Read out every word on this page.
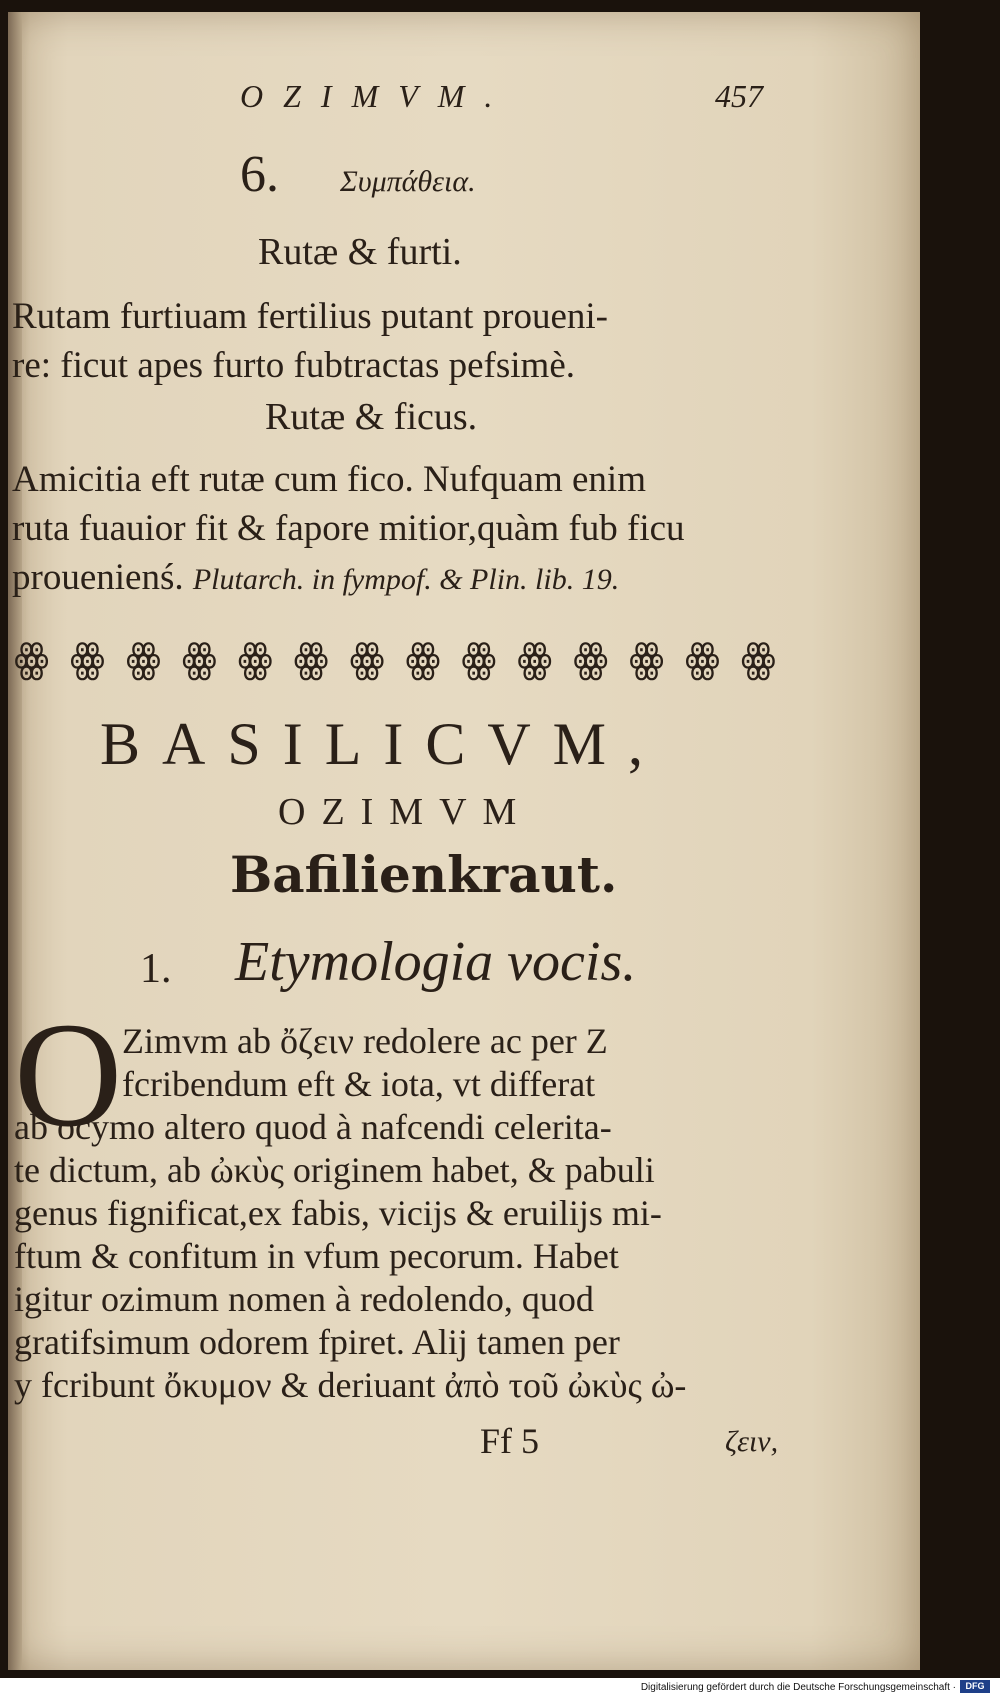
OZIMVM.	457
6. Συμπάθεια.
Rutæ & furti.
Rutam furtiuam fertilius putant proueni-
re: ficut apes furto fubtractas pefsimè.
Rutæ & ficus.
Amicitia eft rutæ cum fico. Nufquam enim
ruta fuauior fit & fapore mitior,quàm fub ficu
prouenienś. Plutarch. in fympof. & Plin. lib. 19.
ꙮ ꙮ ꙮ ꙮ ꙮ ꙮ ꙮ ꙮ ꙮ ꙮ ꙮ ꙮ ꙮ ꙮ
BASILICVM,
OZIMVM
Bafilienkraut.
1. Etymologia vocis.
O Zimvm ab ὄζειν redolere ac per Z
fcribendum eft & iota, vt differat
ab ocymo altero quod à nafcendi celerita-
te dictum, ab ὠκὺς originem habet, & pabuli
genus fignificat,ex fabis, vicijs & eruilijs mi-
ftum & confitum in vfum pecorum. Habet
igitur ozimum nomen à redolendo, quod
gratifsimum odorem fpiret. Alij tamen per
y fcribunt ὄκυμον & deriuant ἀπὸ τοῦ ὠκὺς ὠ-
Ff 5	ζειν,
Digitalisierung gefördert durch die Deutsche Forschungsgemeinschaft ·	DFG
